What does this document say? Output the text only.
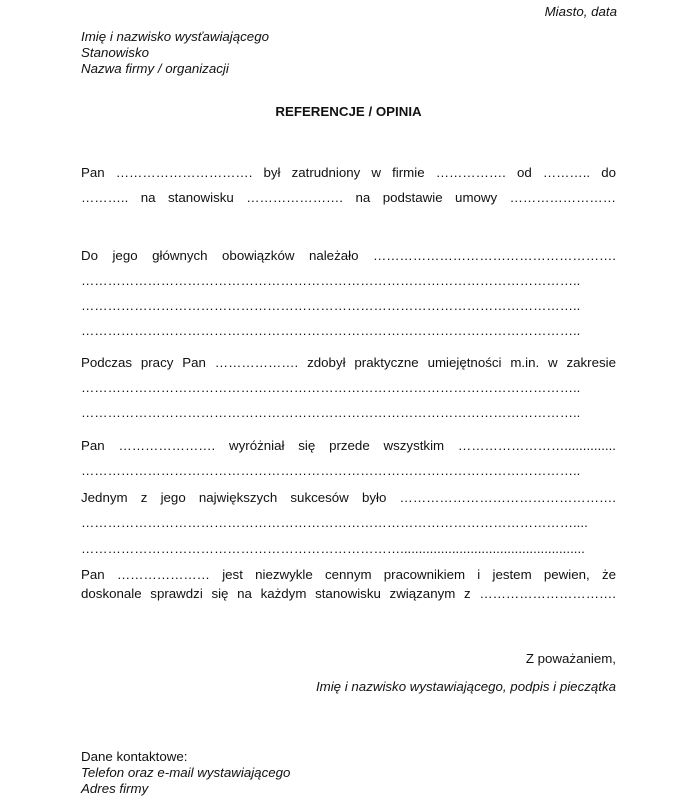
Miasto, data
Imię i nazwisko wysťawiającego
Stanowisko
Nazwa firmy / organizacji
REFERENCJE / OPINIA
Pan …………………………. był zatrudniony w firmie ……………. od ……….. do
……….. na stanowisku …………………. na podstawie umowy ……………………
Do jego głównych obowiązków należało ……………………………………………….
…………………………………………………………………………………………………..
…………………………………………………………………………………………………..
…………………………………………………………………………………………………..
Podczas pracy Pan ………………. zdobył praktyczne umiejętności m.in. w zakresie
…………………………………………………………………………………………………..
…………………………………………………………………………………………………..
Pan …………………. wyróżniał się przede wszystkim ……………………..............
…………………………………………………………………………………………………..
Jednym z jego największych sukcesów było ………………………………………….
…………………………………………………………………………………………………....
………………………………………………………………..................................................
Pan ………………… jest niezwykle cennym pracownikiem i jestem pewien, że
doskonale sprawdzi się na każdym stanowisku związanym z ………………………….
Z poważaniem,
Imię i nazwisko wystawiającego, podpis i pieczątka
Dane kontaktowe:
Telefon oraz e-mail wystawiającego
Adres firmy
